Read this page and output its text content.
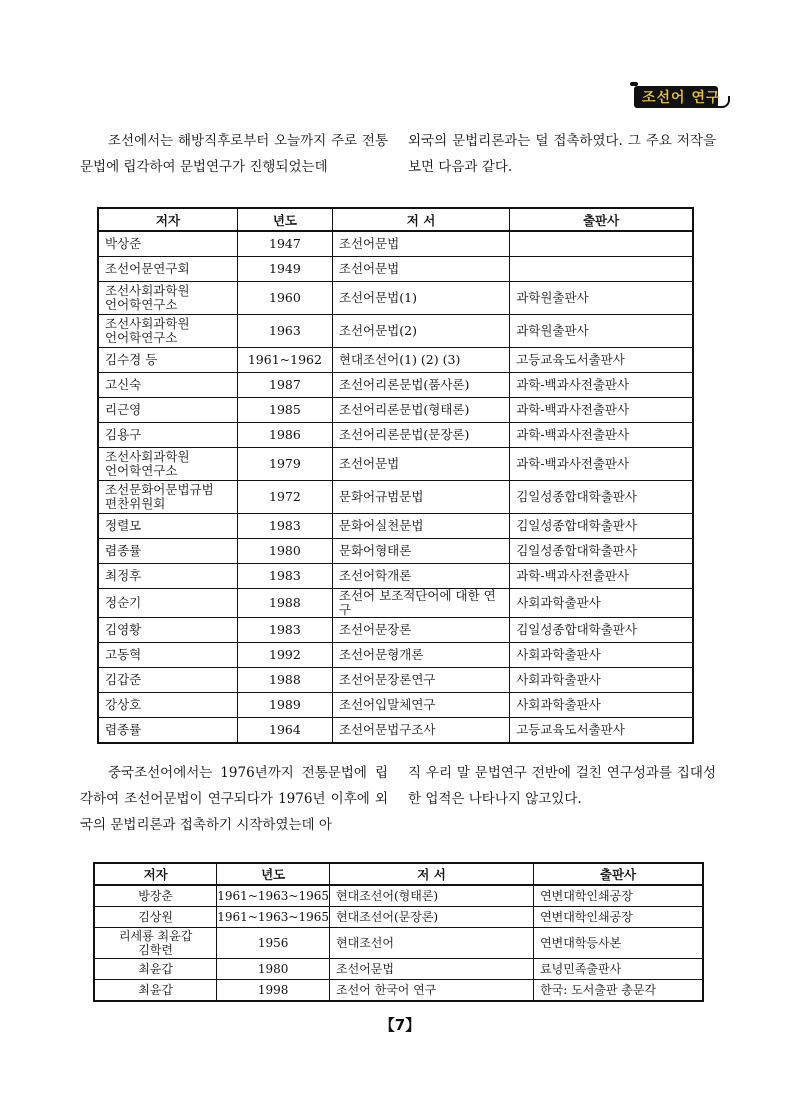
조선어 연구

조선에서는 해방직후로부터 오늘까지 주로 전통문법에 립각하여 문법연구가 진행되었는데

외국의 문법리론과는 덜 접촉하였다. 그 주요 저작을 보면 다음과 같다.

저자	년도	저 서	출판사
박상준	1947	조선어문법	
조선어문연구회	1949	조선어문법	
조선사회과학원
언어학연구소	1960	조선어문법(1)	과학원출판사
조선사회과학원
언어학연구소	1963	조선어문법(2)	과학원출판사
김수경 등	1961~1962	현대조선어(1) (2) (3)	고등교육도서출판사
고신숙	1987	조선어리론문법(품사론)	과학-백과사전출판사
리근영	1985	조선어리론문법(형태론)	과학-백과사전출판사
김용구	1986	조선어리론문법(문장론)	과학-백과사전출판사
조선사회과학원
언어학연구소	1979	조선어문법	과학-백과사전출판사
조선문화어문법규범
편찬위원회	1972	문화어규범문법	김일성종합대학출판사
정렬모	1983	문화어실천문법	김일성종합대학출판사
렴종률	1980	문화어형태론	김일성종합대학출판사
최정후	1983	조선어학개론	과학-백과사전출판사
정순기	1988	조선어 보조적단어에 대한 연구	사회과학출판사
김영황	1983	조선어문장론	김일성종합대학출판사
고동혁	1992	조선어문형개론	사회과학출판사
김갑준	1988	조선어문장론연구	사회과학출판사
강상호	1989	조선어입말체연구	사회과학출판사
렴종률	1964	조선어문법구조사	고등교육도서출판사

중국조선어에서는 1976년까지 전통문법에 립각하여 조선어문법이 연구되다가 1976년 이후에 외국의 문법리론과 접촉하기 시작하였는데 아

직 우리 말 문법연구 전반에 걸친 연구성과를 집대성한 업적은 나타나지 않고있다.

저자	년도	저 서	출판사
방장춘	1961~1963~1965	현대조선어(형태론)	연변대학인쇄공장
김상원	1961~1963~1965	현대조선어(문장론)	연변대학인쇄공장
리세룡 최윤갑
김학련	1956	현대조선어	연변대학등사본
최윤갑	1980	조선어문법	료녕민족출판사
최윤갑	1998	조선어 한국어 연구	한국: 도서출판 총문각
【7】
